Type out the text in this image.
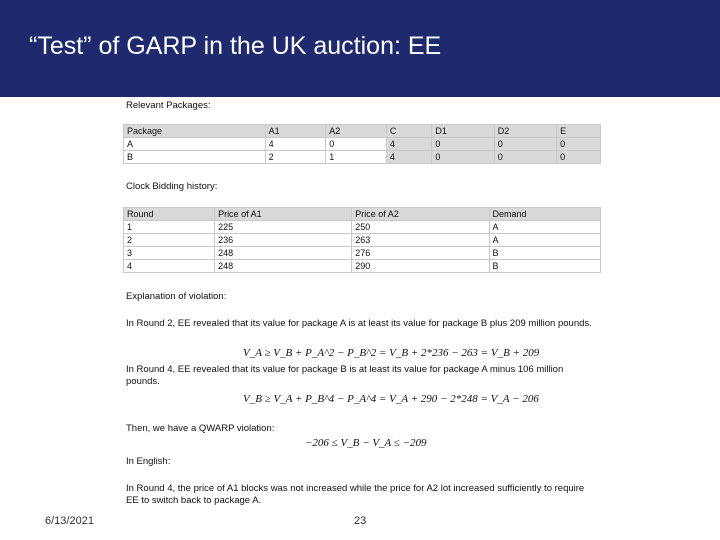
“Test” of GARP in the UK auction: EE
Relevant Packages:
Package	A1	A2	C	D1	D2	E
A	4	0	4	0	0	0
B	2	1	4	0	0	0
Clock Bidding history:
Round	Price of A1	Price of A2	Demand
1	225	250	A
2	236	263	A
3	248	276	B
4	248	290	B
Explanation of violation:
In Round 2, EE revealed that its value for package A is at least its value for package B plus 209 million pounds.
V_A ≥ V_B + P_A^2 − P_B^2 = V_B + 2*236 − 263 = V_B + 209
In Round 4, EE revealed that its value for package B is at least its value for package A minus 106 million pounds.
V_B ≥ V_A + P_B^4 − P_A^4 = V_A + 290 − 2*248 = V_A − 206
Then, we have a QWARP violation:
−206 ≤ V_B − V_A ≤ −209
In English:
In Round 4, the price of A1 blocks was not increased while the price for A2 lot increased sufficiently to require EE to switch back to package A.
6/13/2021	23
